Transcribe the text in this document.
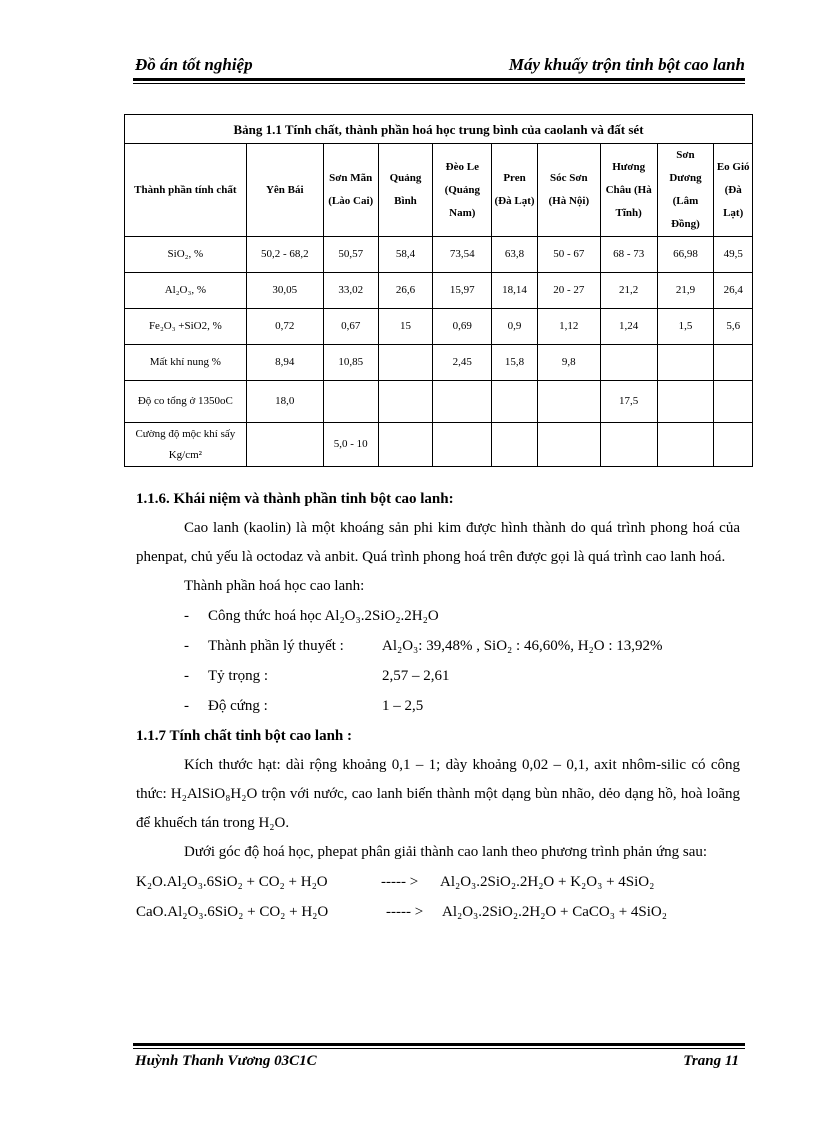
Đồ án tốt nghiệp	Máy khuấy trộn tinh bột cao lanh
Bảng 1.1 Tính chất, thành phần hoá học trung bình của caolanh và đất sét									
Thành phần tính chất	Yên Bái	Sơn Mãn (Lào Cai)	Quảng Bình	Đèo Le (Quảng Nam)	Pren (Đà Lạt)	Sóc Sơn (Hà Nội)	Hương Châu (Hà Tĩnh)	Sơn Dương (Lâm Đồng)	Eo Gió (Đà Lạt)
SiO₂, %	50,2 - 68,2	50,57	58,4	73,54	63,8	50 - 67	68 - 73	66,98	49,5
Al₂O₃, %	30,05	33,02	26,6	15,97	18,14	20 - 27	21,2	21,9	26,4
Fe₂O₃ +SiO2, %	0,72	0,67	15	0,69	0,9	1,12	1,24	1,5	5,6
Mất khí nung %	8,94	10,85		2,45	15,8	9,8			
Độ co tổng ở 1350oC	18,0						17,5		
Cường độ mộc khí sấy Kg/cm²		5,0 - 10							

1.1.6. Khái niệm và thành phần tinh bột cao lanh:

Cao lanh (kaolin) là một khoáng sản phi kim được hình thành do quá trình phong hoá của phenpat, chủ yếu là octodaz và anbit. Quá trình phong hoá trên được gọi là quá trình cao lanh hoá.

Thành phần hoá học cao lanh:

- Công thức hoá học Al₂O₃.2SiO₂.2H₂O

- Thành phần lý thuyết :	Al₂O₃: 39,48% , SiO₂ : 46,60%, H₂O : 13,92%

- Tỷ trọng :	2,57 – 2,61

- Độ cứng :	1 – 2,5

1.1.7 Tính chất tinh bột cao lanh :

Kích thước hạt: dài rộng khoảng 0,1 – 1; dày khoảng 0,02 – 0,1, axit nhôm-silic có công thức: H₂AlSiO₈H₂O trộn với nước, cao lanh biến thành một dạng bùn nhão, dẻo dạng hồ, hoà loãng để khuếch tán trong H₂O.

Dưới góc độ hoá học, phepat phân giải thành cao lanh theo phương trình phản ứng sau:

K₂O.Al₂O₃.6SiO₂ + CO₂ + H₂O	----- > Al₂O₃.2SiO₂.2H₂O + K₂O₃ + 4SiO₂

CaO.Al₂O₃.6SiO₂ + CO₂ + H₂O	----- > Al₂O₃.2SiO₂.2H₂O + CaCO₃ + 4SiO₂

Huỳnh Thanh Vương 03C1C	Trang 11
